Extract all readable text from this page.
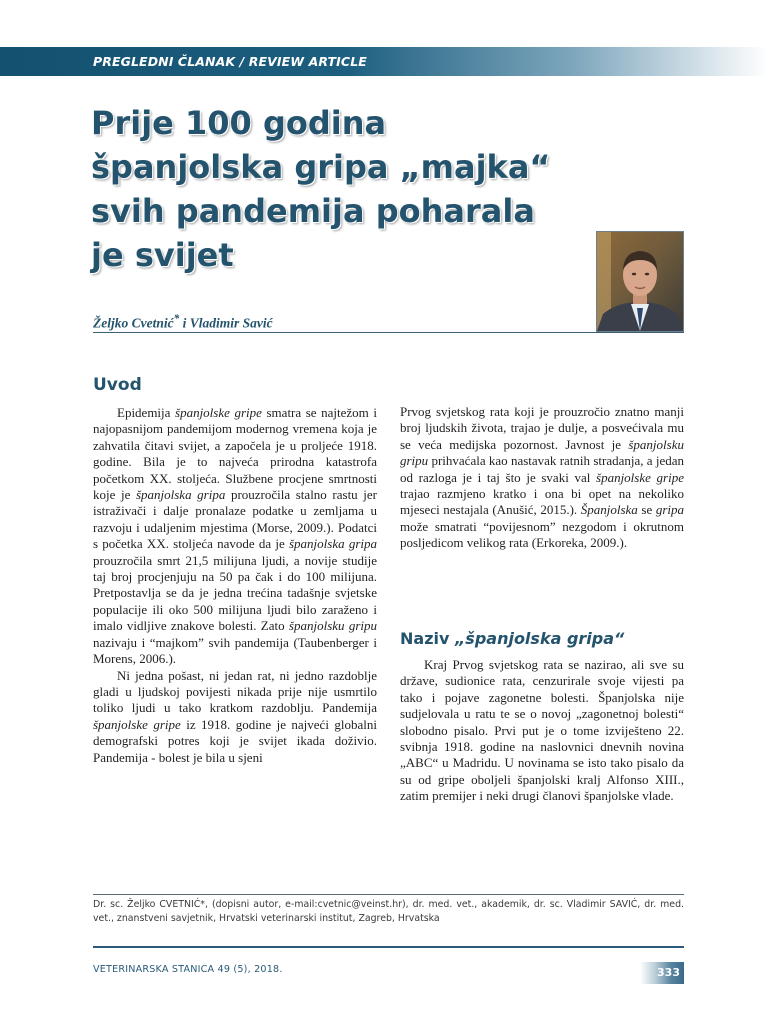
PREGLEDNI ČLANAK / REVIEW ARTICLE
Prije 100 godina
španjolska gripa „majka“
svih pandemija poharala
je svijet
Željko Cvetnić* i Vladimir Savić
Uvod

Epidemija španjolske gripe smatra se najtežom i najopasnijom pandemijom modernog vremena koja je zahvatila čitavi svijet, a započela je u proljeće 1918. godine. Bila je to najveća prirodna katastrofa početkom XX. stoljeća. Službene procjene smrtnosti koje je španjolska gripa prouzročila stalno rastu jer istraživači i dalje pronalaze podatke u zemljama u razvoju i udaljenim mjestima (Morse, 2009.). Podatci s početka XX. stoljeća navode da je španjolska gripa prouzročila smrt 21,5 milijuna ljudi, a novije studije taj broj procjenjuju na 50 pa čak i do 100 milijuna. Pretpostavlja se da je jedna trećina tadašnje svjetske populacije ili oko 500 milijuna ljudi bilo zaraženo i imalo vidljive znakove bolesti. Zato španjolsku gripu nazivaju i “majkom” svih pandemija (Taubenberger i Morens, 2006.).

Ni jedna pošast, ni jedan rat, ni jedno razdoblje gladi u ljudskoj povijesti nikada prije nije usmrtilo toliko ljudi u tako kratkom razdoblju. Pandemija španjolske gripe iz 1918. godine je najveći globalni demografski potres koji je svijet ikada doživio. Pandemija - bolest je bila u sjeni

Prvog svjetskog rata koji je prouzročio znatno manji broj ljudskih života, trajao je dulje, a posvećivala mu se veća medijska pozornost. Javnost je španjolsku gripu prihvaćala kao nastavak ratnih stradanja, a jedan od razloga je i taj što je svaki val španjolske gripe trajao razmjeno kratko i ona bi opet na nekoliko mjeseci nestajala (Anušić, 2015.). Španjolska se gripa može smatrati “povijesnom” nezgodom i okrutnom posljedicom velikog rata (Erkoreka, 2009.).

Naziv „španjolska gripa“

Kraj Prvog svjetskog rata se nazirao, ali sve su države, sudionice rata, cenzurirale svoje vijesti pa tako i pojave zagonetne bolesti. Španjolska nije sudjelovala u ratu te se o novoj „zagonetnoj bolesti“ slobodno pisalo. Prvi put je o tome izviješteno 22. svibnja 1918. godine na naslovnici dnevnih novina „ABC“ u Madridu. U novinama se isto tako pisalo da su od gripe oboljeli španjolski kralj Alfonso XIII., zatim premijer i neki drugi članovi španjolske vlade.

Dr. sc. Željko CVETNIĆ*, (dopisni autor, e-mail:cvetnic@veinst.hr), dr. med. vet., akademik, dr. sc. Vladimir SAVIĆ, dr. med. vet., znanstveni savjetnik, Hrvatski veterinarski institut, Zagreb, Hrvatska
VETERINARSKA STANICA 49 (5), 2018.	333
